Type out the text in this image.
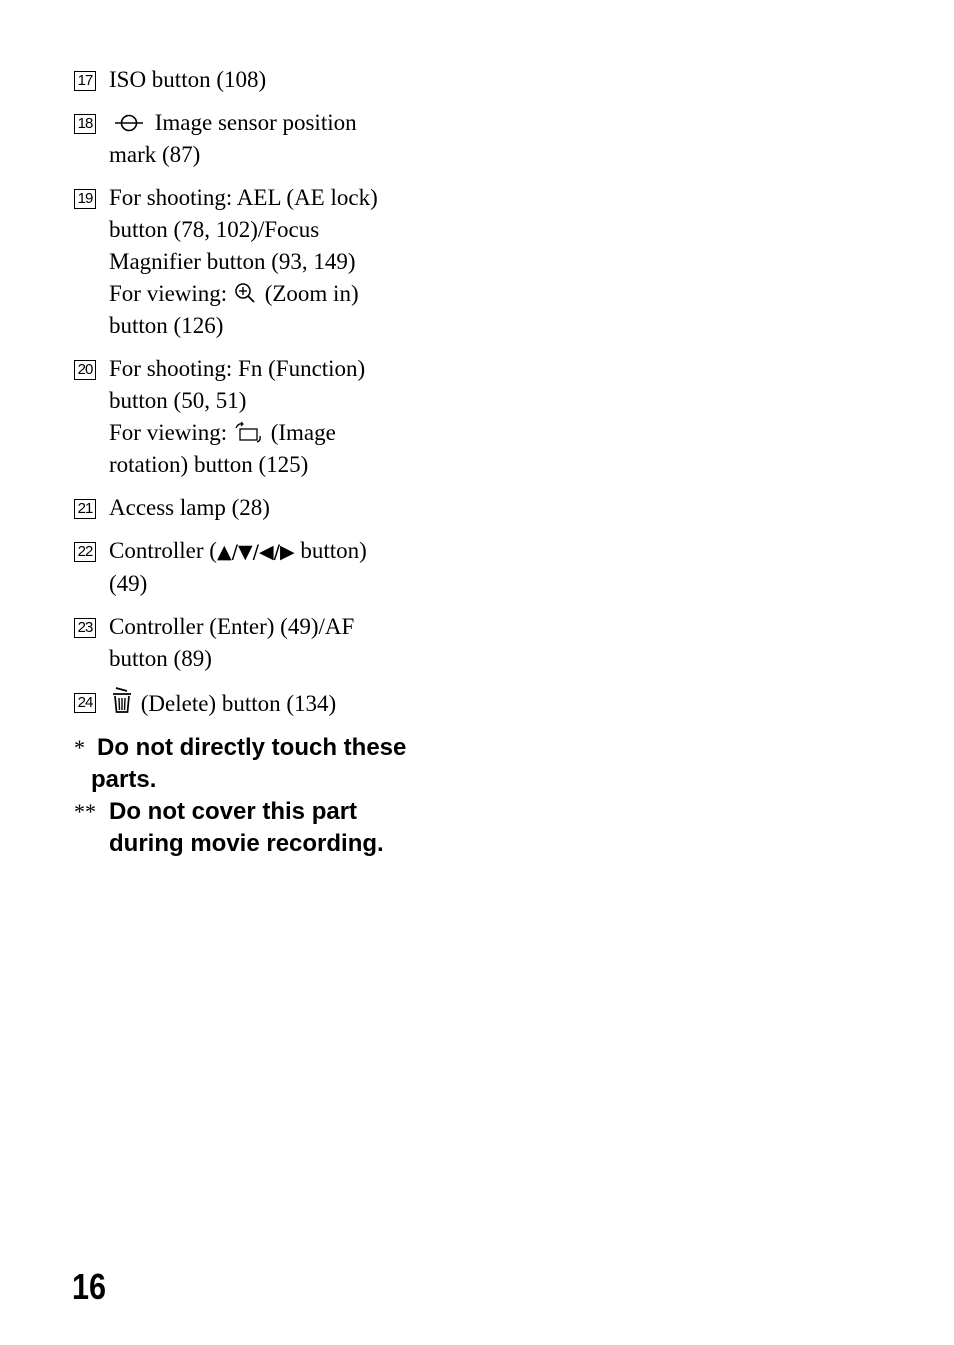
17 ISO button (108)
18	Image sensor position
mark (87)
19 For shooting: AEL (AE lock)
button (78, 102)/Focus
Magnifier button (93, 149)
For viewing: (Zoom in)
button (126)
20 For shooting: Fn (Function)
button (50, 51)
For viewing: (Image
rotation) button (125)
21 Access lamp (28)
22 Controller (▲/▼/◀/▶ button)
(49)
23 Controller (Enter) (49)/AF
button (89)
24	(Delete) button (134)
* Do not directly touch these
parts.
** Do not cover this part
during movie recording.
16
